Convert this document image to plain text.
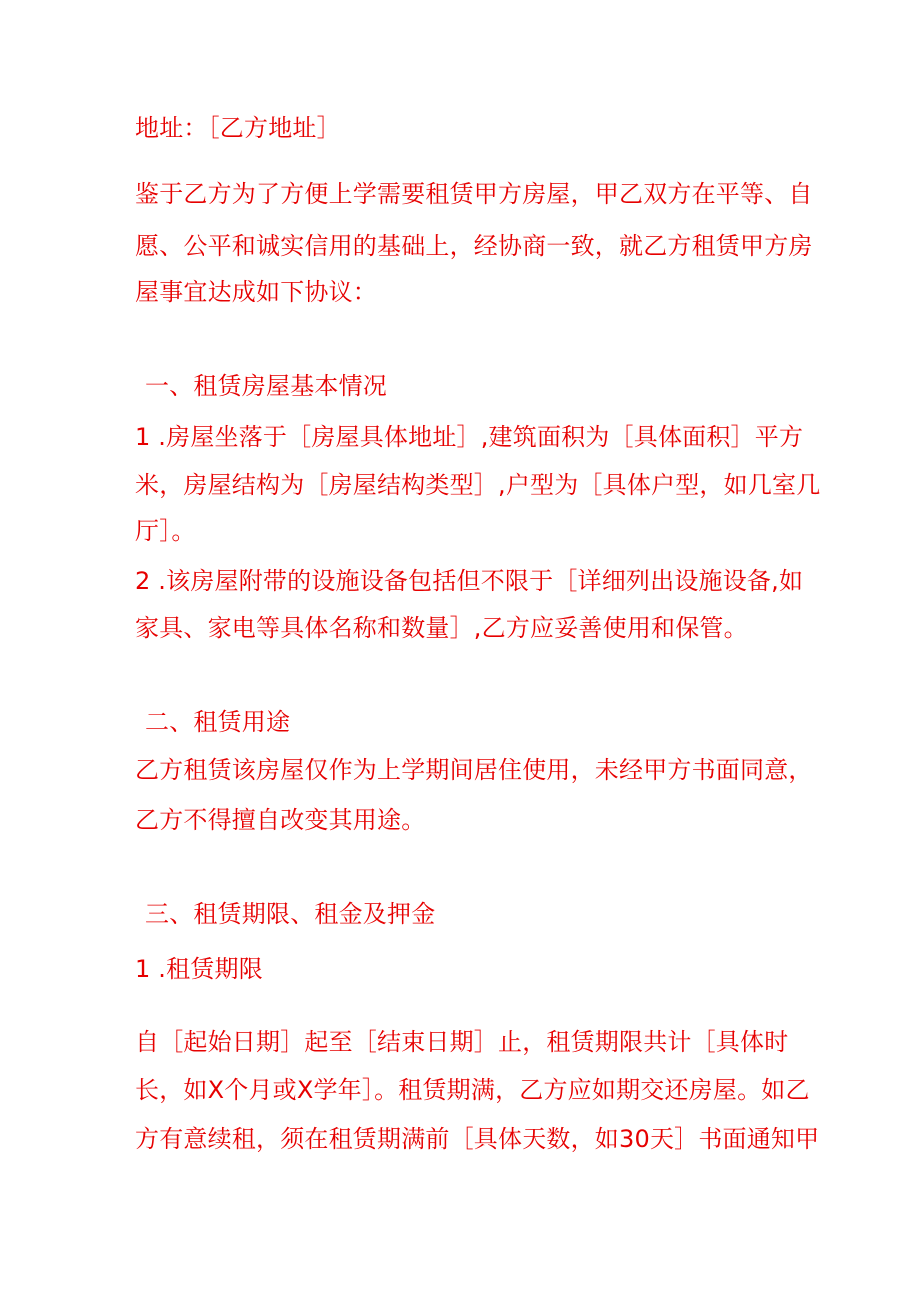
地址：［乙方地址］
鉴于乙方为了方便上学需要租赁甲方房屋，甲乙双方在平等、自
愿、公平和诚实信用的基础上，经协商一致，就乙方租赁甲方房
屋事宜达成如下协议：
一、租赁房屋基本情况
1 .房屋坐落于［房屋具体地址］,建筑面积为［具体面积］平方
米，房屋结构为［房屋结构类型］,户型为［具体户型，如几室几
厅］。
2 .该房屋附带的设施设备包括但不限于［详细列出设施设备,如
家具、家电等具体名称和数量］,乙方应妥善使用和保管。
二、租赁用途
乙方租赁该房屋仅作为上学期间居住使用，未经甲方书面同意，
乙方不得擅自改变其用途。
三、租赁期限、租金及押金
1 .租赁期限
自［起始日期］起至［结束日期］止，租赁期限共计［具体时
长，如X个月或X学年］。租赁期满，乙方应如期交还房屋。如乙
方有意续租，须在租赁期满前［具体天数，如30天］书面通知甲
